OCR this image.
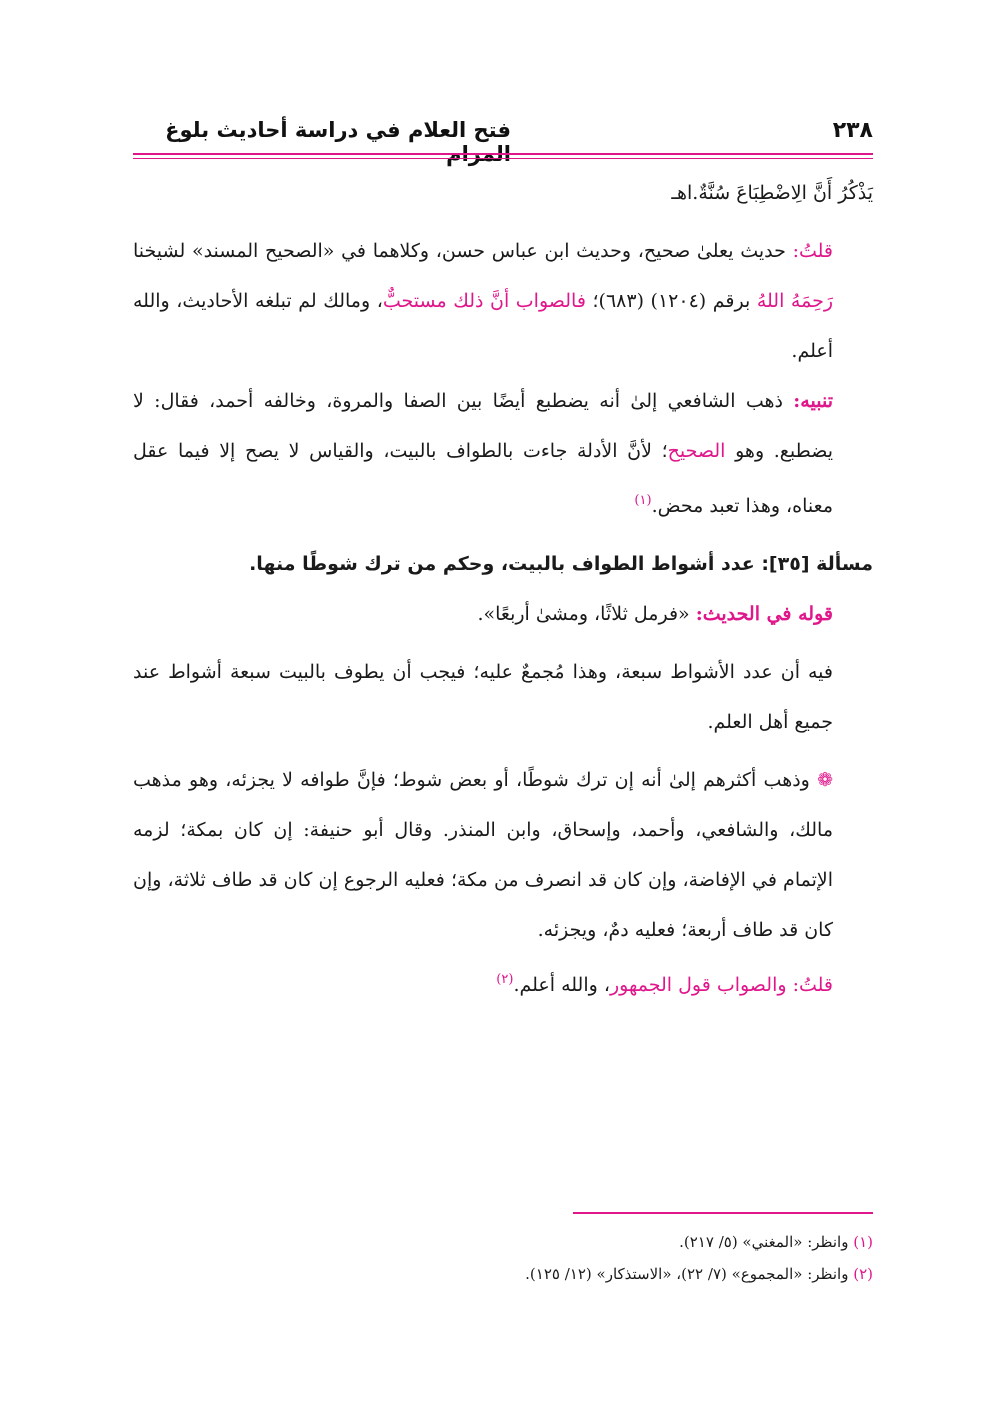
فتح العلام في دراسة أحاديث بلوغ المرام
٢٣٨

يَذْكُرُ أَنَّ الِاضْطِبَاعَ سُنَّةٌ.اهـ

قلتُ: حديث يعلىٰ صحيح، وحديث ابن عباس حسن، وكلاهما في «الصحيح المسند» لشيخنا رَحِمَهُ اللهُ برقم (١٢٠٤) (٦٨٣)؛ فالصواب أنَّ ذلك مستحبٌّ، ومالك لم تبلغه الأحاديث، والله أعلم.

تنبيه: ذهب الشافعي إلىٰ أنه يضطبع أيضًا بين الصفا والمروة، وخالفه أحمد، فقال: لا يضطبع. وهو الصحيح؛ لأنَّ الأدلة جاءت بالطواف بالبيت، والقياس لا يصح إلا فيما عقل معناه، وهذا تعبد محض.$^{(١)}$

مسألة [٣٥]: عدد أشواط الطواف بالبيت، وحكم من ترك شوطًا منها.

قوله في الحديث: «فرمل ثلاثًا، ومشىٰ أربعًا».

فيه أن عدد الأشواط سبعة، وهذا مُجمعٌ عليه؛ فيجب أن يطوف بالبيت سبعة أشواط عند جميع أهل العلم.

❁ وذهب أكثرهم إلىٰ أنه إن ترك شوطًا، أو بعض شوط؛ فإنَّ طوافه لا يجزئه، وهو مذهب مالك، والشافعي، وأحمد، وإسحاق، وابن المنذر. وقال أبو حنيفة: إن كان بمكة؛ لزمه الإتمام في الإفاضة، وإن كان قد انصرف من مكة؛ فعليه الرجوع إن كان قد طاف ثلاثة، وإن كان قد طاف أربعة؛ فعليه دمٌ، ويجزئه.

قلتُ: والصواب قول الجمهور، والله أعلم.$^{(٢)}$

(١) وانظر: «المغني» (٥/ ٢١٧).

(٢) وانظر: «المجموع» (٧/ ٢٢)، «الاستذكار» (١٢/ ١٢٥).
